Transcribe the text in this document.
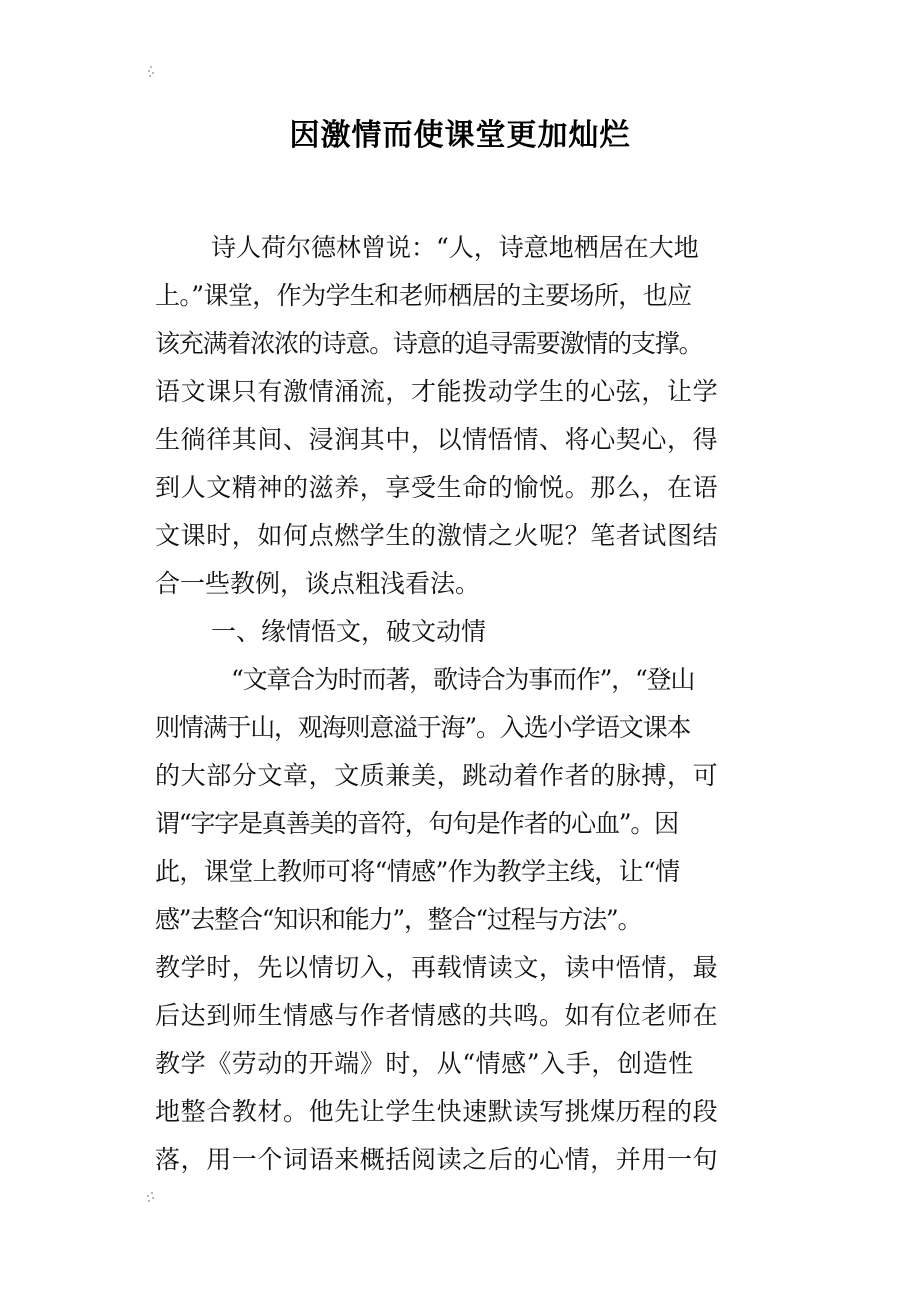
因激情而使课堂更加灿烂
诗人荷尔德林曾说：“人，诗意地栖居在大地
上。”课堂，作为学生和老师栖居的主要场所，也应
该充满着浓浓的诗意。诗意的追寻需要激情的支撑。
语文课只有激情涌流，才能拨动学生的心弦，让学
生徜徉其间、浸润其中，以情悟情、将心契心，得
到人文精神的滋养，享受生命的愉悦。那么，在语
文课时，如何点燃学生的激情之火呢？笔者试图结
合一些教例，谈点粗浅看法。
一、缘情悟文，破文动情
“文章合为时而著，歌诗合为事而作”，“登山
则情满于山，观海则意溢于海”。入选小学语文课本
的大部分文章，文质兼美，跳动着作者的脉搏，可
谓“字字是真善美的音符，句句是作者的心血”。因
此，课堂上教师可将“情感”作为教学主线，让“情
感”去整合“知识和能力”，整合“过程与方法”。
教学时，先以情切入，再载情读文，读中悟情，最
后达到师生情感与作者情感的共鸣。如有位老师在
教学《劳动的开端》时，从“情感”入手，创造性
地整合教材。他先让学生快速默读写挑煤历程的段
落，用一个词语来概括阅读之后的心情，并用一句
